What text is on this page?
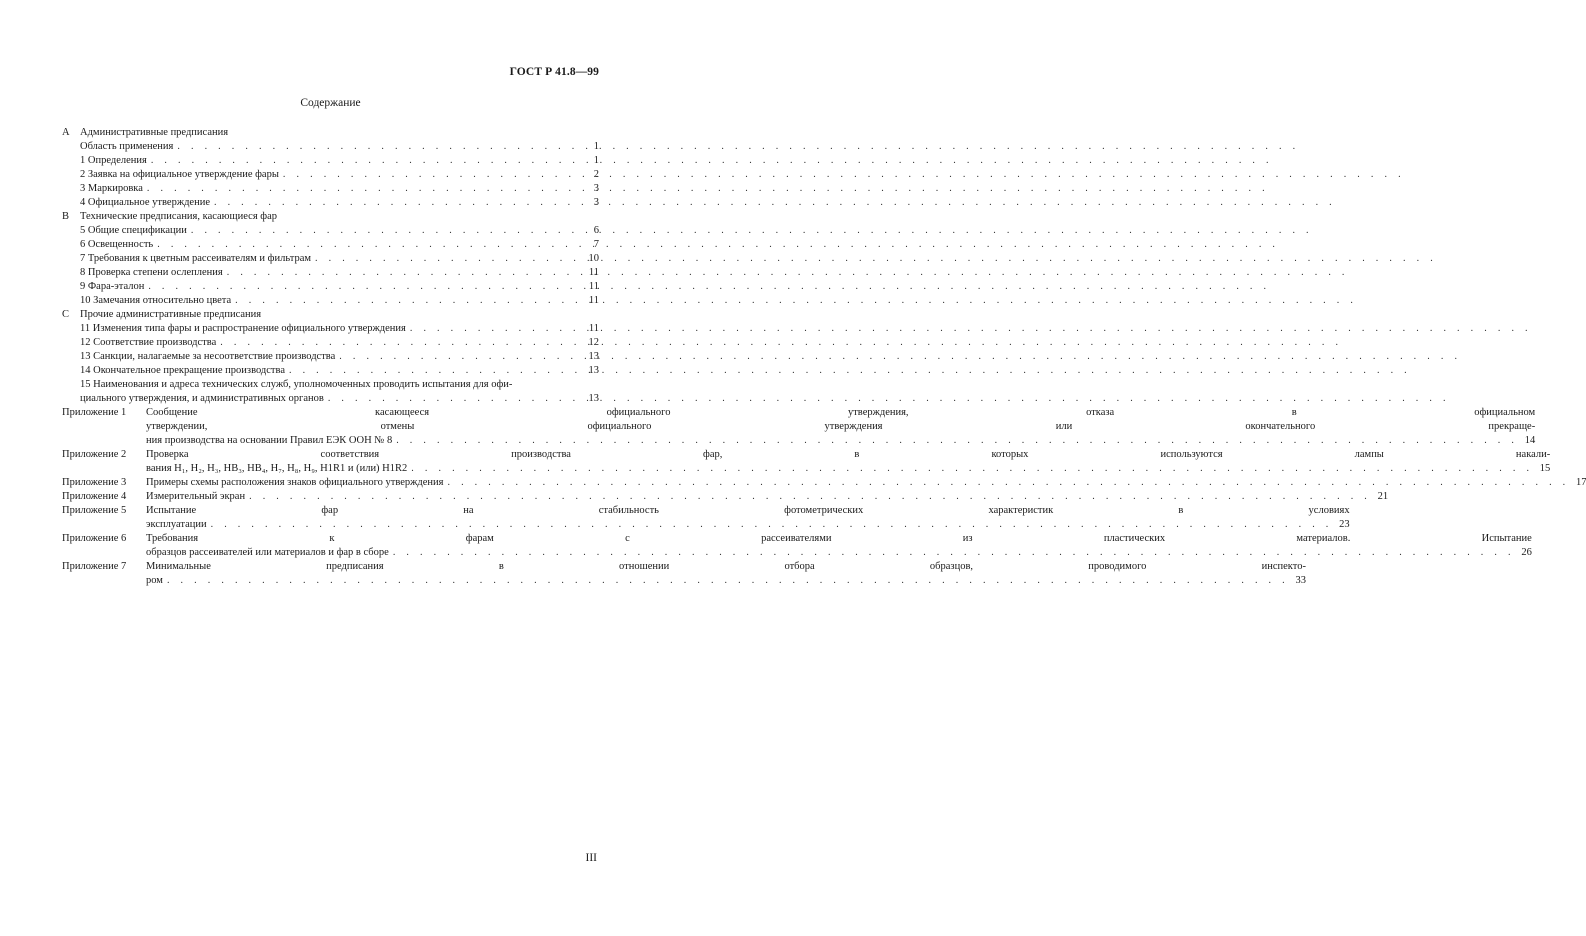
ГОСТ Р 41.8—99
Содержание
А Административные предписания
Область применения . . .	1
1 Определения . . .	1
2 Заявка на официальное утверждение фары . . .	2
3 Маркировка . . .	3
4 Официальное утверждение . . .	3
В	Технические предписания, касающиеся фар
5 Общие спецификации . . .	6
6 Освещенность . . .	7
7 Требования к цветным рассеивателям и фильтрам . . .	10
8 Проверка степени ослепления . . .	11
9 Фара-эталон . . .	11
10 Замечания относительно цвета . . .	11
С	Прочие административные предписания
11 Изменения типа фары и распространение официального утверждения . . .	11
12 Соответствие производства . . .	12
13 Санкции, налагаемые за несоответствие производства . . .	13
14 Окончательное прекращение производства . . .	13
15 Наименования и адреса технических служб, уполномоченных проводить испытания для офи-
циального утверждения, и административных органов . . .	13
Приложение 1	Сообщение касающееся официального утверждения, отказа в официальном
утверждении, отмены официального утверждения или окончательного прекраще-
ния производства на основании Правил ЕЭК ООН № 8 . . .	14
Приложение 2	Проверка соответствия производства фар, в которых используются лампы накали-
вания H₁, H₂, H₃, HB₃, HB₄, H₇, H₈, H₉, H1R1 и (или) H1R2 . . .	15
Приложение 3	Примеры схемы расположения знаков официального утверждения . . .	17
Приложение 4	Измерительный экран . . .	21
Приложение 5	Испытание фар на стабильность фотометрических характеристик в условиях
эксплуатации . . .	23
Приложение 6	Требования к фарам с рассеивателями из пластических материалов. Испытание
образцов рассеивателей или материалов и фар в сборе . . .	26
Приложение 7	Минимальные предписания в отношении отбора образцов, проводимого инспекто-
ром . . .	33
III
